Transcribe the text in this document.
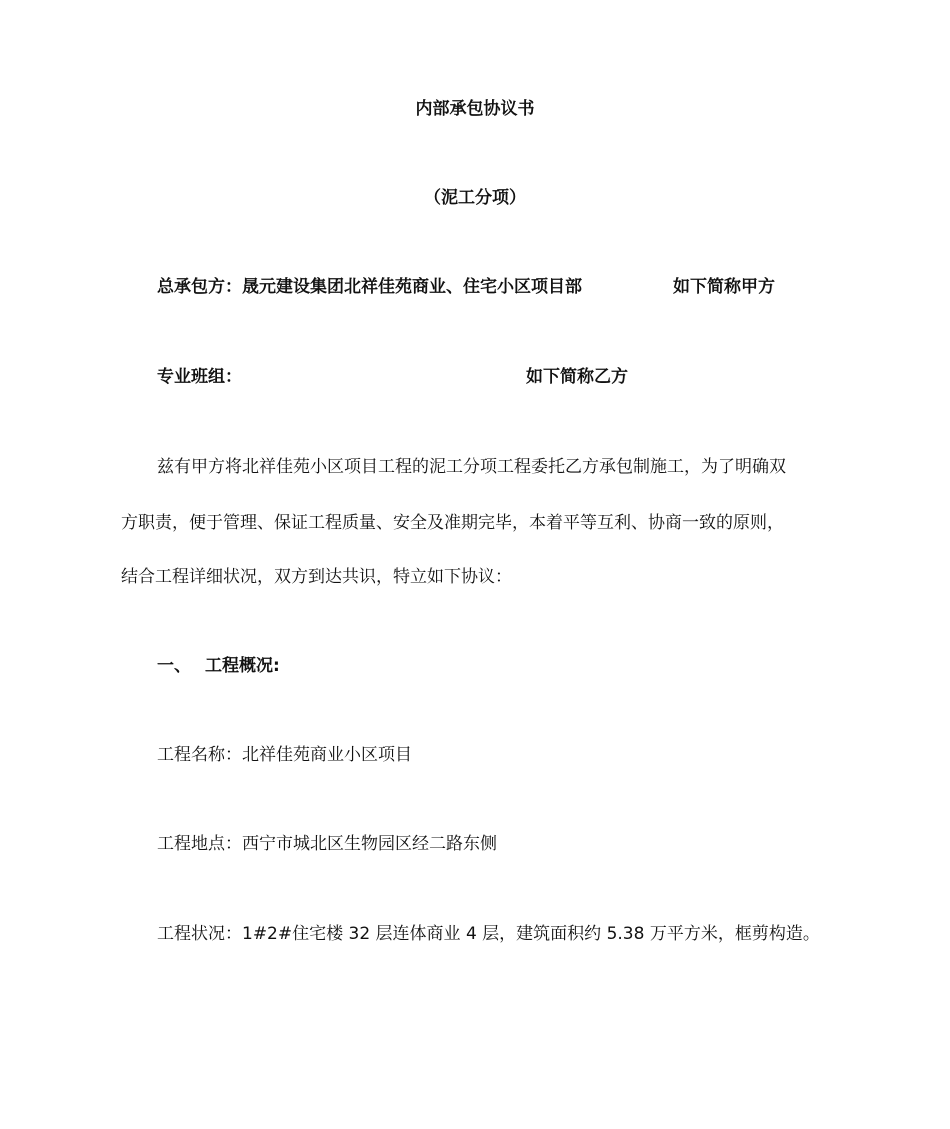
内部承包协议书
（泥工分项）
总承包方：晟元建设集团北祥佳苑商业、住宅小区项目部	如下简称甲方
专业班组：	如下简称乙方
兹有甲方将北祥佳苑小区项目工程的泥工分项工程委托乙方承包制施工，为了明确双
方职责，便于管理、保证工程质量、安全及准期完毕，本着平等互利、协商一致的原则，
结合工程详细状况，双方到达共识，特立如下协议：
一、 工程概况:
工程名称：北祥佳苑商业小区项目
工程地点：西宁市城北区生物园区经二路东侧
工程状况：1#2#住宅楼 32 层连体商业 4 层，建筑面积约 5.38 万平方米，框剪构造。
